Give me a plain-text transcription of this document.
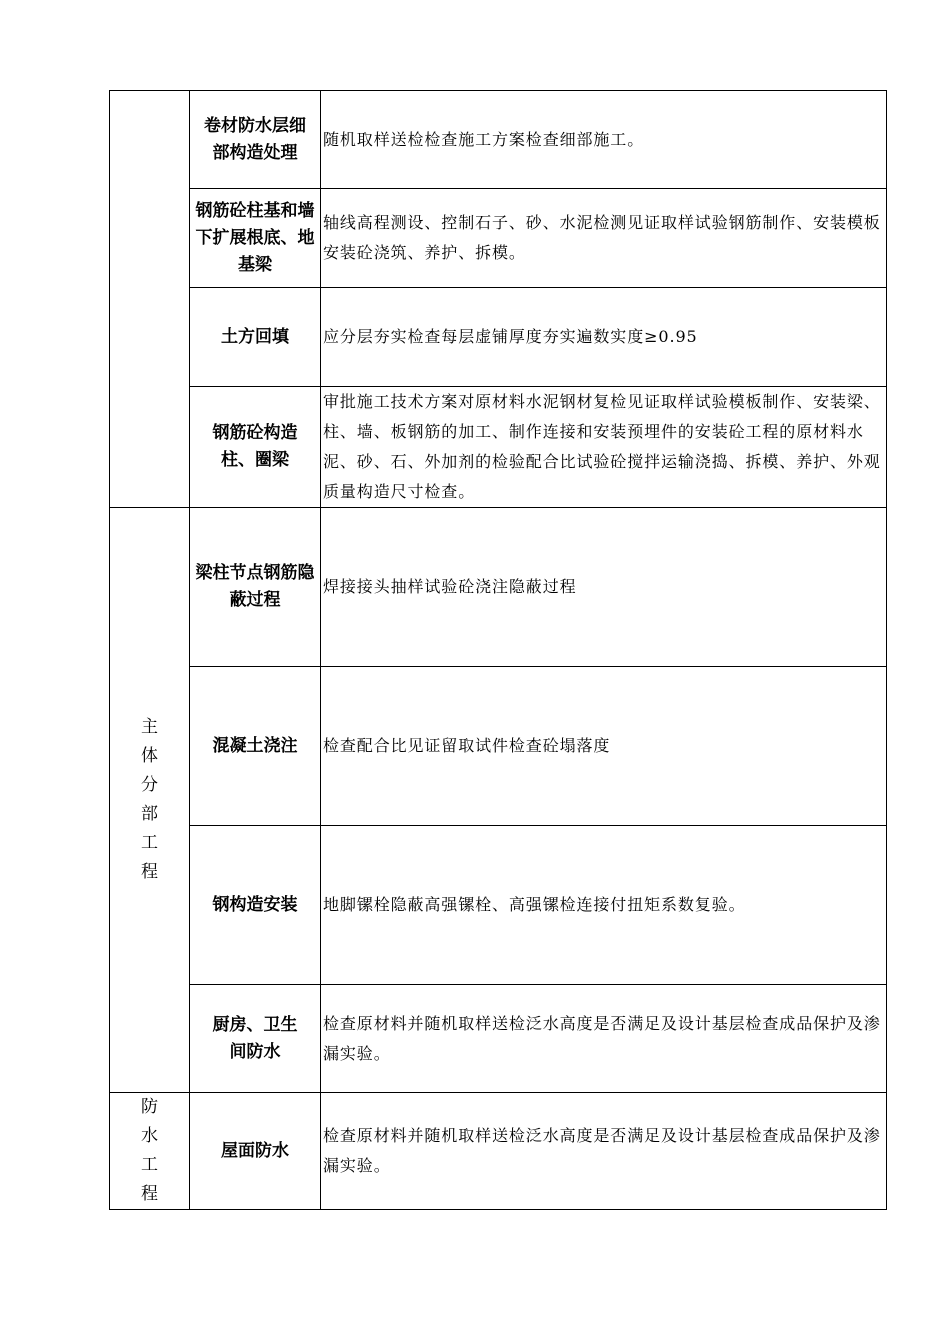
	卷材防水层细部构造处理	随机取样送检检查施工方案检查细部施工。
	钢筋砼柱基和墙下扩展根底、地基梁	轴线高程测设、控制石子、砂、水泥检测见证取样试验钢筋制作、安装模板安装砼浇筑、养护、拆模。
	土方回填	应分层夯实检查每层虚铺厚度夯实遍数实度≥0.95
	钢筋砼构造柱、圈梁	审批施工技术方案对原材料水泥钢材复检见证取样试验模板制作、安装梁、柱、墙、板钢筋的加工、制作连接和安装预埋件的安装砼工程的原材料水泥、砂、石、外加剂的检验配合比试验砼搅拌运输浇捣、拆模、养护、外观质量构造尺寸检查。
主体分部工程	梁柱节点钢筋隐蔽过程	焊接接头抽样试验砼浇注隐蔽过程
	混凝土浇注	检查配合比见证留取试件检查砼塌落度
	钢构造安装	地脚镙栓隐蔽高强镙栓、高强镙检连接付扭矩系数复验。
	厨房、卫生间防水	检查原材料并随机取样送检泛水高度是否满足及设计基层检查成品保护及渗漏实验。
防水工程	屋面防水	检查原材料并随机取样送检泛水高度是否满足及设计基层检查成品保护及渗漏实验。
